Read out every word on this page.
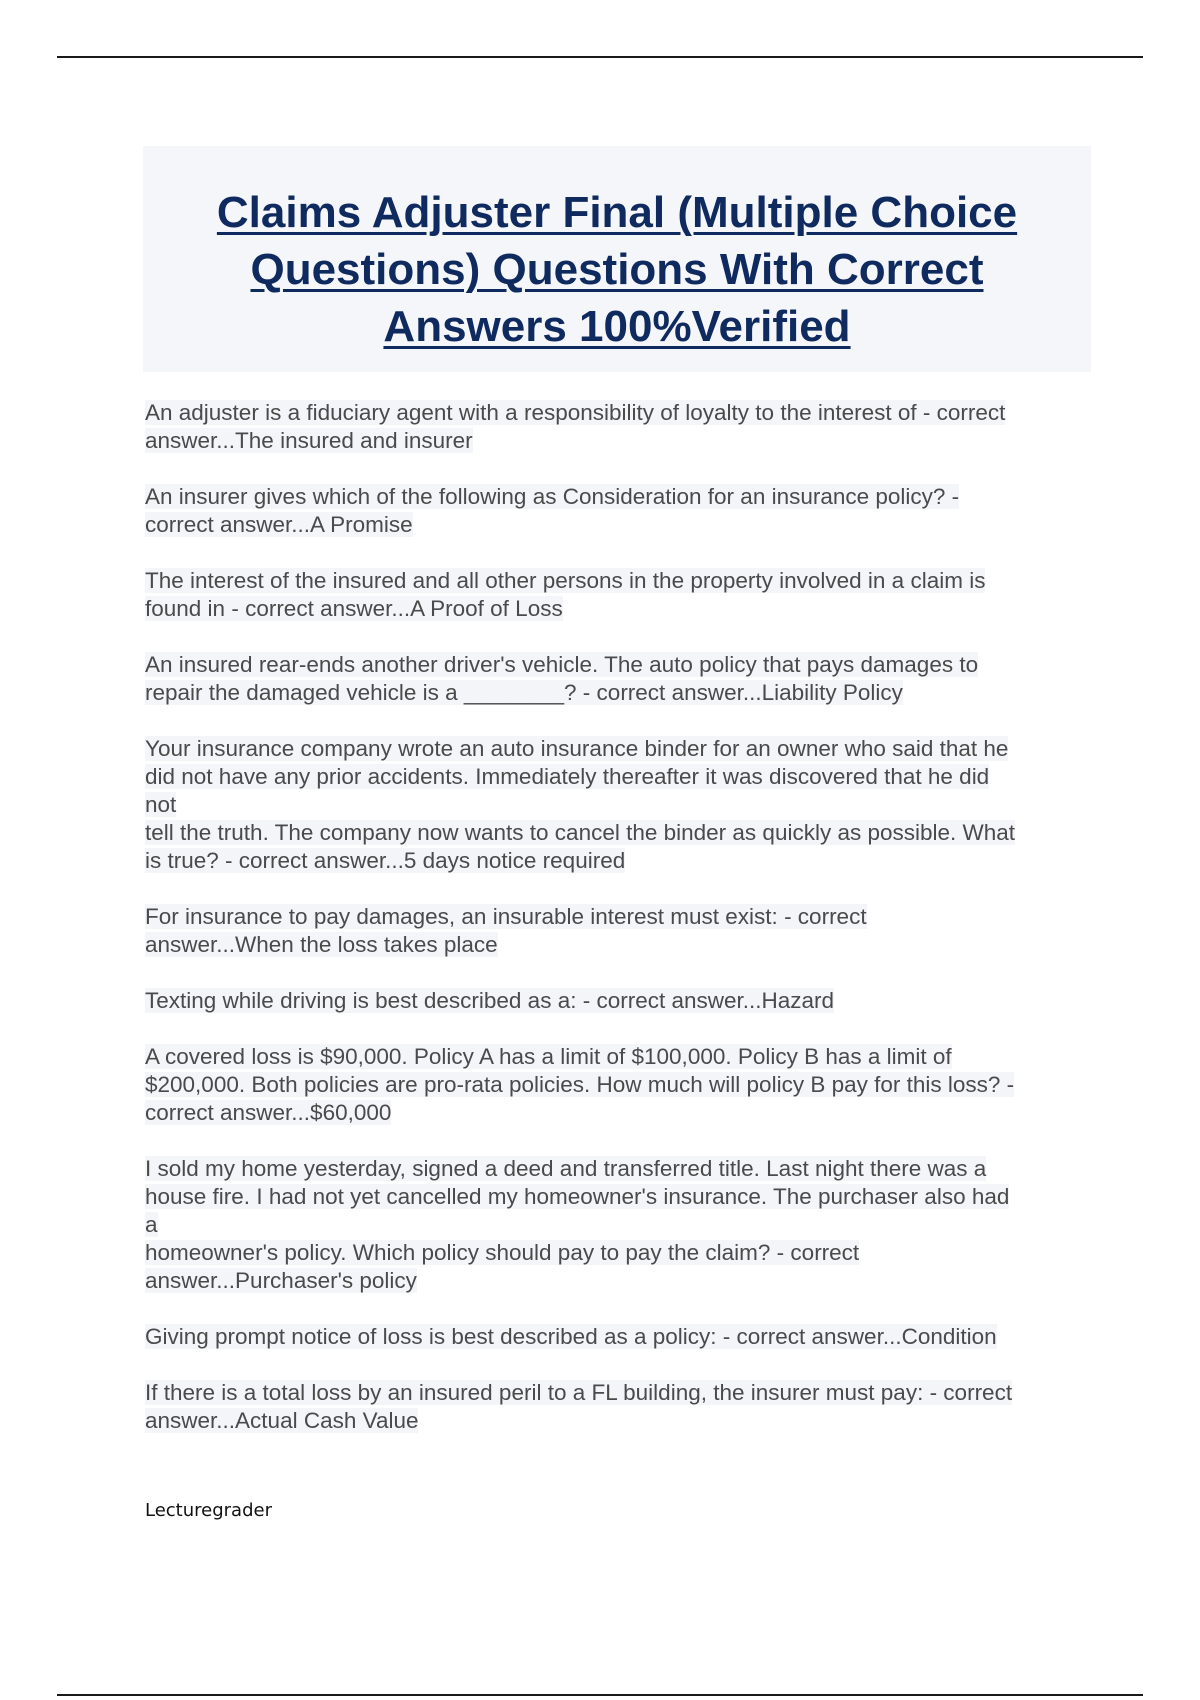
Claims Adjuster Final (Multiple Choice Questions) Questions With Correct Answers 100%Verified

An adjuster is a fiduciary agent with a responsibility of loyalty to the interest of - correct
answer...The insured and insurer

An insurer gives which of the following as Consideration for an insurance policy? -
correct answer...A Promise

The interest of the insured and all other persons in the property involved in a claim is
found in - correct answer...A Proof of Loss

An insured rear-ends another driver's vehicle. The auto policy that pays damages to
repair the damaged vehicle is a ________? - correct answer...Liability Policy

Your insurance company wrote an auto insurance binder for an owner who said that he
did not have any prior accidents. Immediately thereafter it was discovered that he did
not
tell the truth. The company now wants to cancel the binder as quickly as possible. What
is true? - correct answer...5 days notice required

For insurance to pay damages, an insurable interest must exist: - correct
answer...When the loss takes place

Texting while driving is best described as a: - correct answer...Hazard

A covered loss is $90,000. Policy A has a limit of $100,000. Policy B has a limit of
$200,000. Both policies are pro-rata policies. How much will policy B pay for this loss? -
correct answer...$60,000

I sold my home yesterday, signed a deed and transferred title. Last night there was a
house fire. I had not yet cancelled my homeowner's insurance. The purchaser also had
a
homeowner's policy. Which policy should pay to pay the claim? - correct
answer...Purchaser's policy

Giving prompt notice of loss is best described as a policy: - correct answer...Condition

If there is a total loss by an insured peril to a FL building, the insurer must pay: - correct
answer...Actual Cash Value

Lecturegrader
